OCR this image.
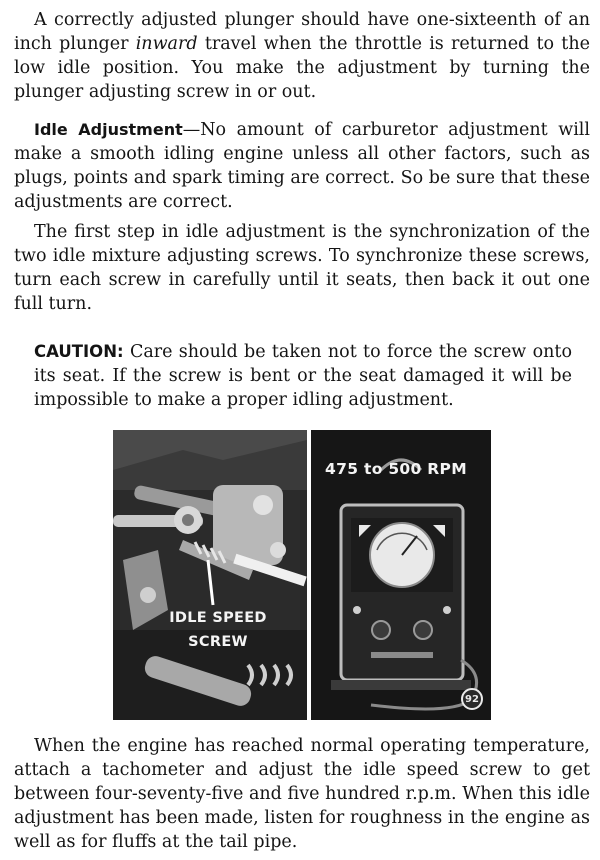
A correctly adjusted plunger should have one-sixteenth of an inch plunger inward travel when the throttle is returned to the low idle position. You make the adjustment by turning the plunger adjusting screw in or out.

Idle Adjustment—No amount of carburetor adjustment will make a smooth idling engine unless all other factors, such as plugs, points and spark timing are correct. So be sure that these adjustments are correct.

The first step in idle adjustment is the synchronization of the two idle mixture adjusting screws. To synchronize these screws, turn each screw in carefully until it seats, then back it out one full turn.

CAUTION: Care should be taken not to force the screw onto its seat. If the screw is bent or the seat damaged it will be impossible to make a proper idling adjustment.

IDLE SPEED
SCREW
475 to 500 RPM
92

When the engine has reached normal operating temperature, attach a tachometer and adjust the idle speed screw to get between four-seventy-five and five hundred r.p.m. When this idle adjustment has been made, listen for roughness in the engine as well as for fluffs at the tail pipe.
